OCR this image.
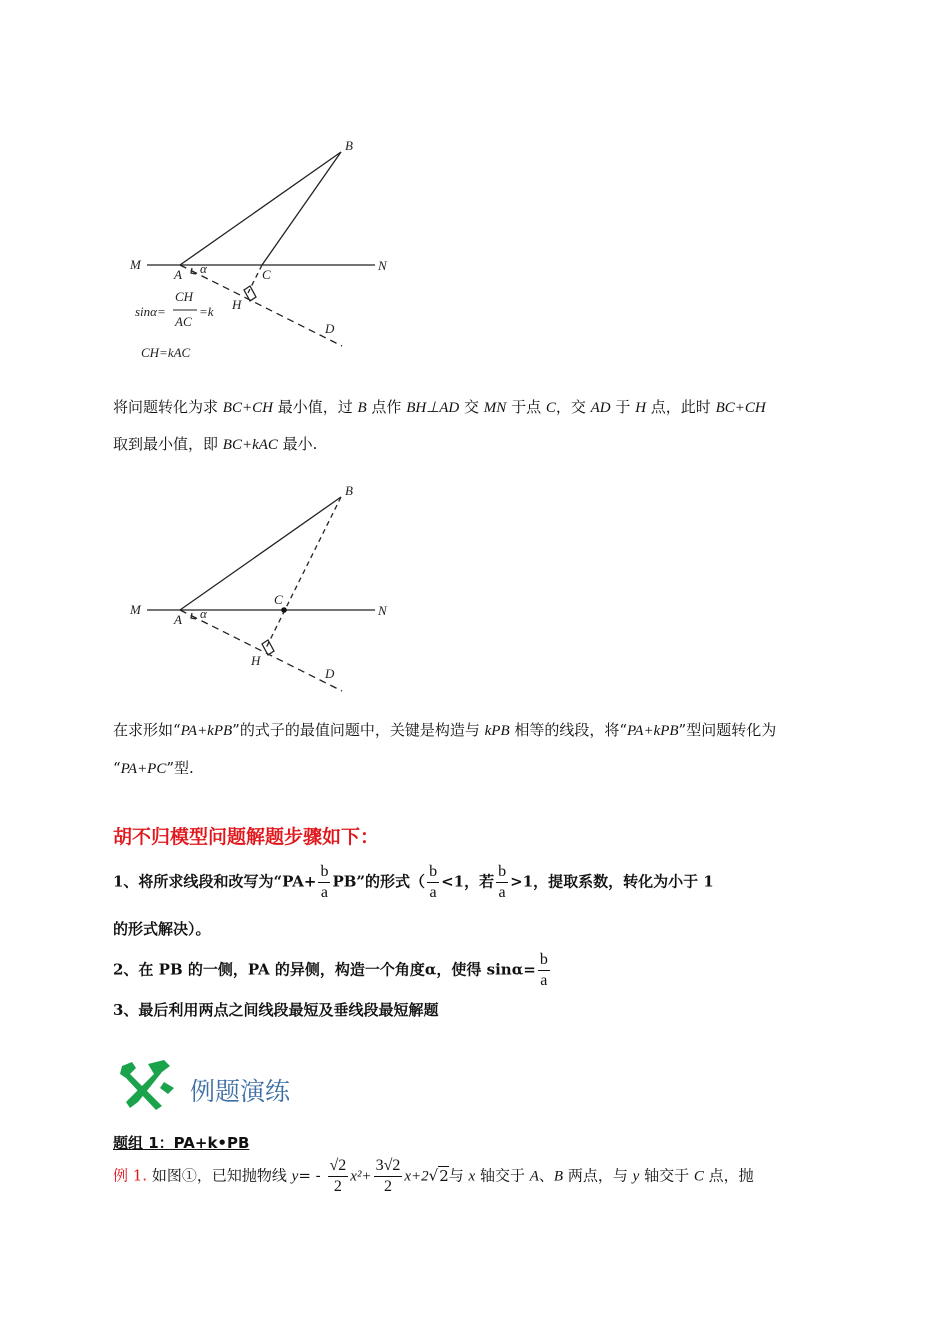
B
M	N
A	C
H
D
α
sinα=
CH
AC
=k
CH=kAC
B
M	N
A
C
H
D
α
将问题转化为求 BC+CH 最小值，过 B 点作 BH⊥AD 交 MN 于点 C，交 AD 于 H 点，此时 BC+CH
取到最小值，即 BC+kAC 最小.
在求形如“PA+kPB”的式子的最值问题中，关键是构造与 kPB 相等的线段，将“PA+kPB”型问题转化为
“PA+PC”型.
胡不归模型问题解题步骤如下：
1、将所求线段和改写为“$PA+ \frac{b}{a}$ PB”的形式（ $\frac{b}{a} <1$，若 $\frac{b}{a} >1$，提取系数，转化为小于 1
的形式解决）。
2、在 PB 的一侧，PA 的异侧，构造一个角度α，使得 $\sin\alpha= \frac{b}{a}$
3、最后利用两点之间线段最短及垂线段最短解题
例题演练
题组 1：PA+k•PB
例 1. 如图①，已知抛物线 $y= - \frac{√2}{2} x^2+ \frac{3√2}{2} x+2√2$与 x 轴交于 A、B 两点，与 y 轴交于 C 点，抛
